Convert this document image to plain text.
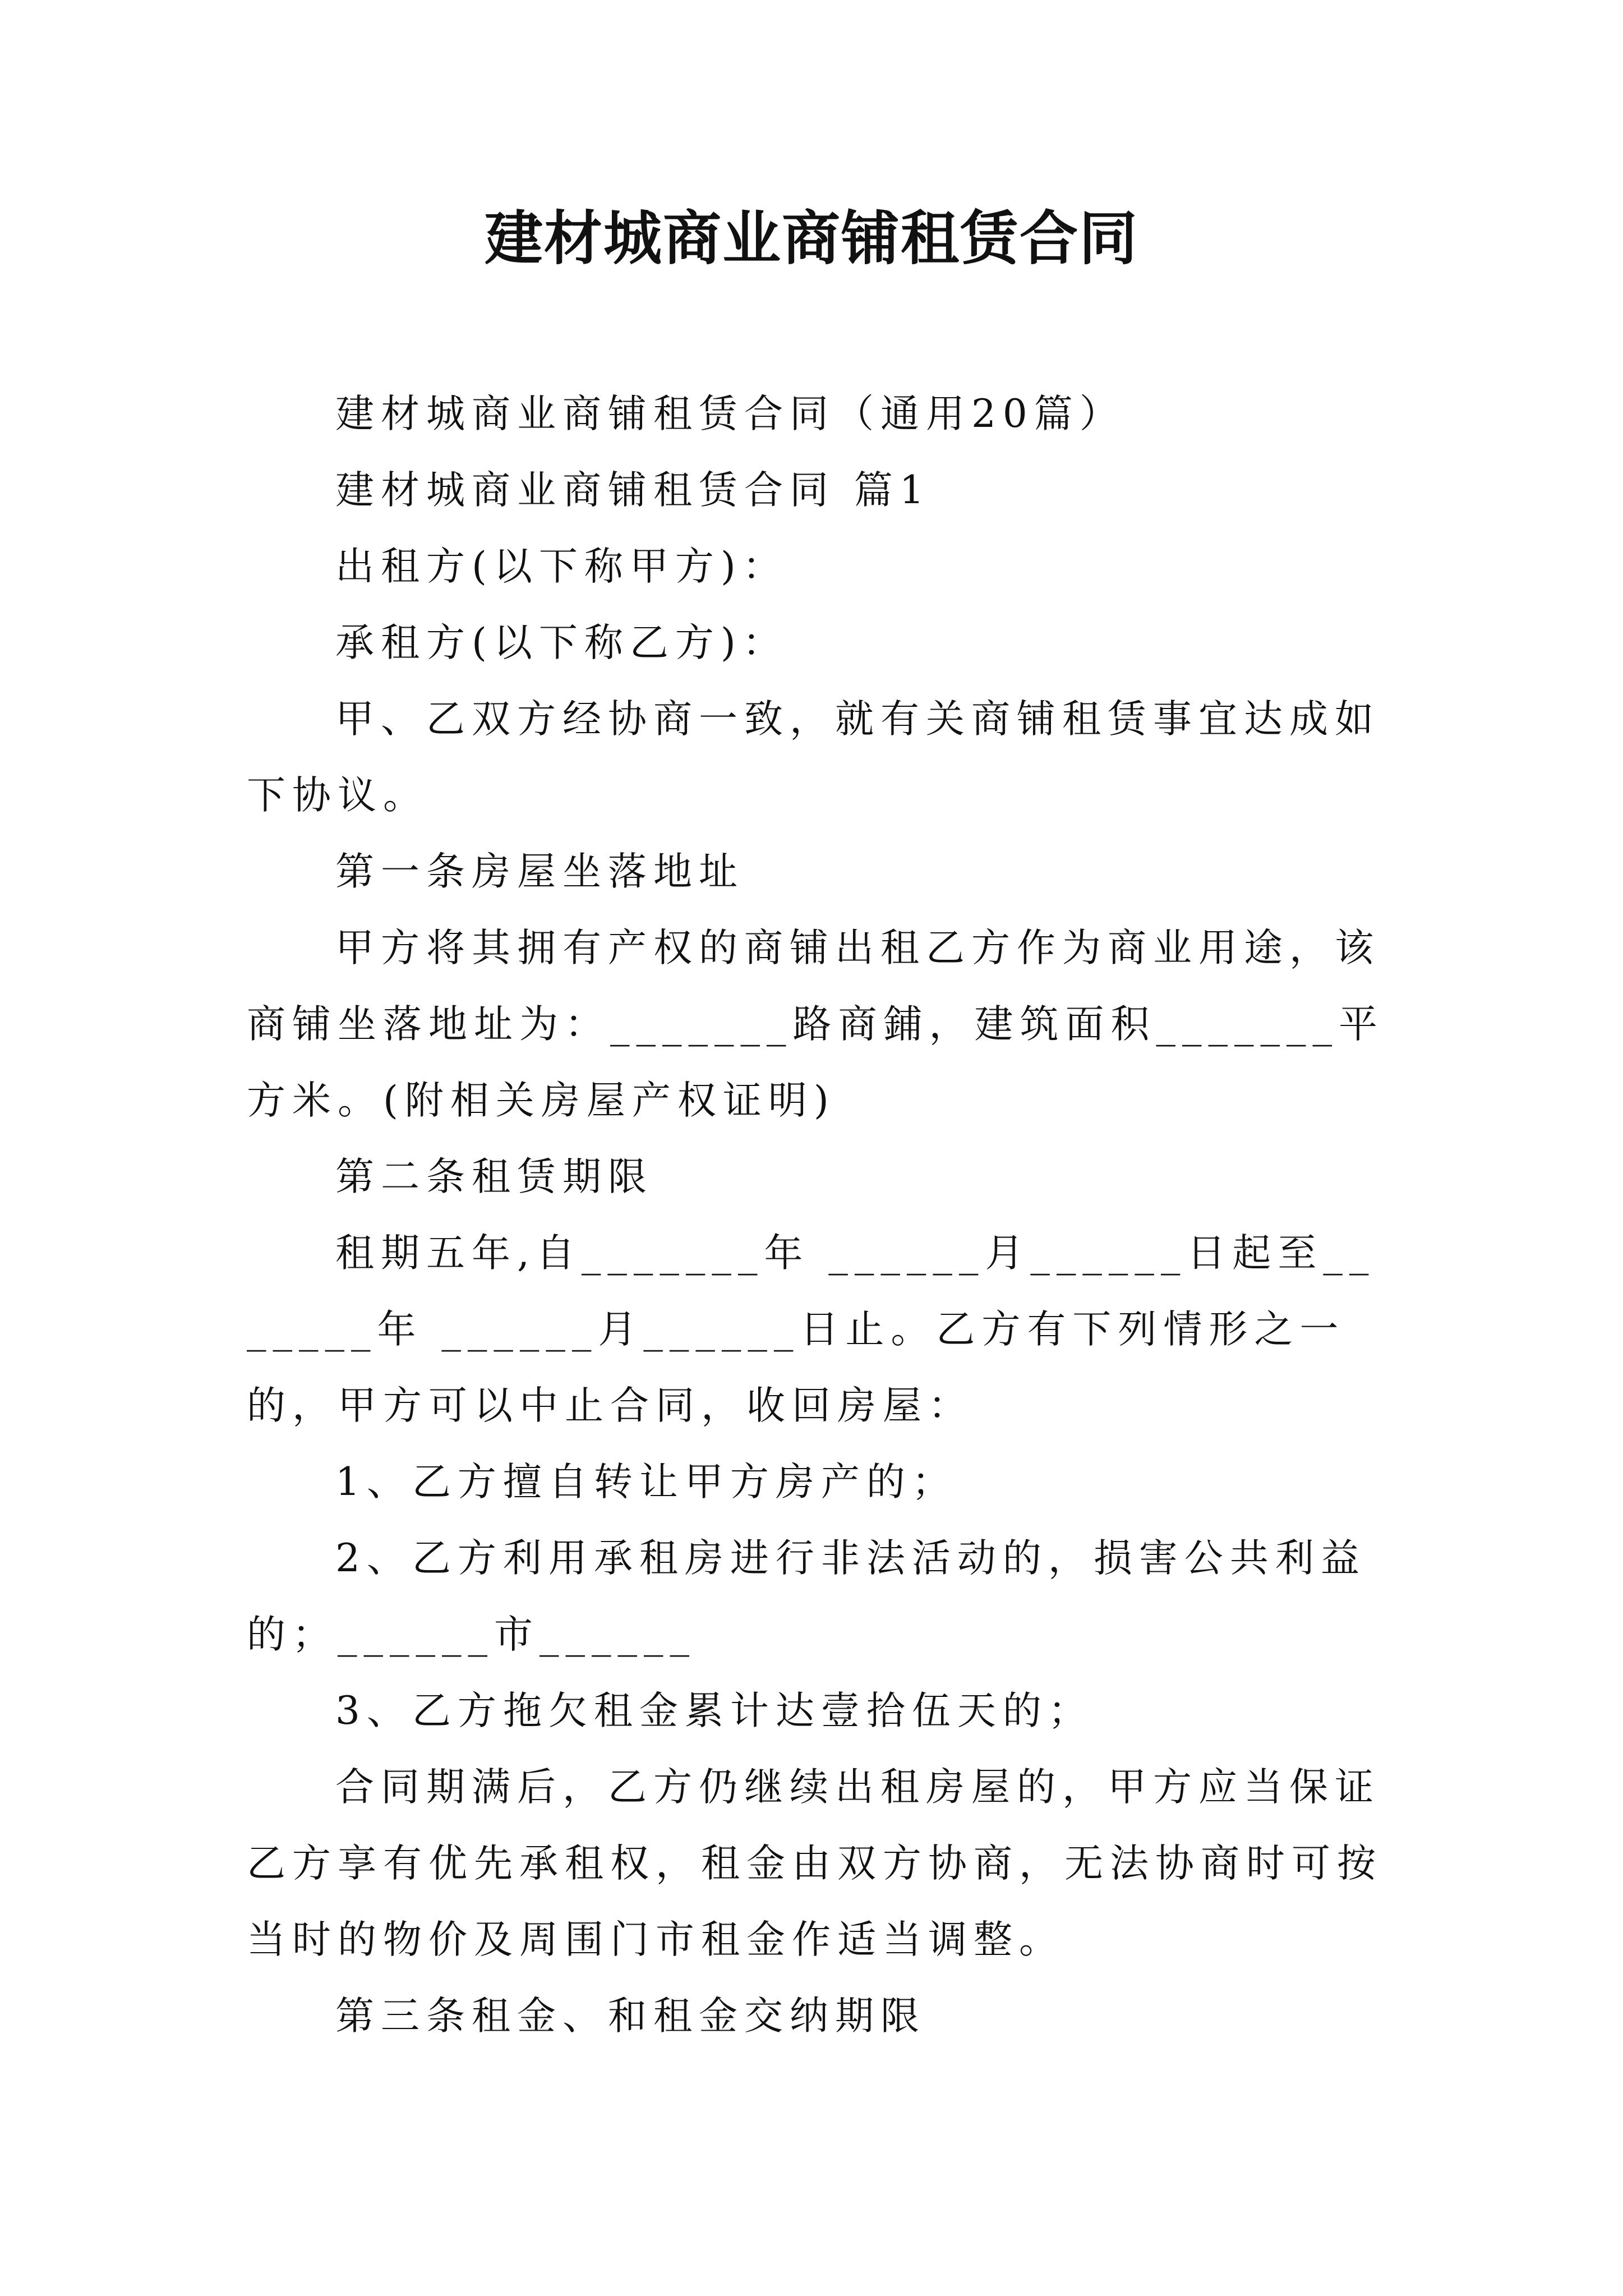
建材城商业商铺租赁合同

建材城商业商铺租赁合同（通用20篇）

建材城商业商铺租赁合同 篇1

出租方(以下称甲方)：

承租方(以下称乙方)：

甲、乙双方经协商一致，就有关商铺租赁事宜达成如下协议。

第一条房屋坐落地址

甲方将其拥有产权的商铺出租乙方作为商业用途，该商铺坐落地址为：_______路商鋪，建筑面积_______平方米。(附相关房屋产权证明)

第二条租赁期限

租期五年,自_______年 ______月______日起至_______年 ______月______日止。乙方有下列情形之一的，甲方可以中止合同，收回房屋：

1、乙方擅自转让甲方房产的；

2、乙方利用承租房进行非法活动的，损害公共利益的；______市______

3、乙方拖欠租金累计达壹拾伍天的；

合同期满后，乙方仍继续出租房屋的，甲方应当保证乙方享有优先承租权，租金由双方协商，无法协商时可按当时的物价及周围门市租金作适当调整。

第三条租金、和租金交纳期限
